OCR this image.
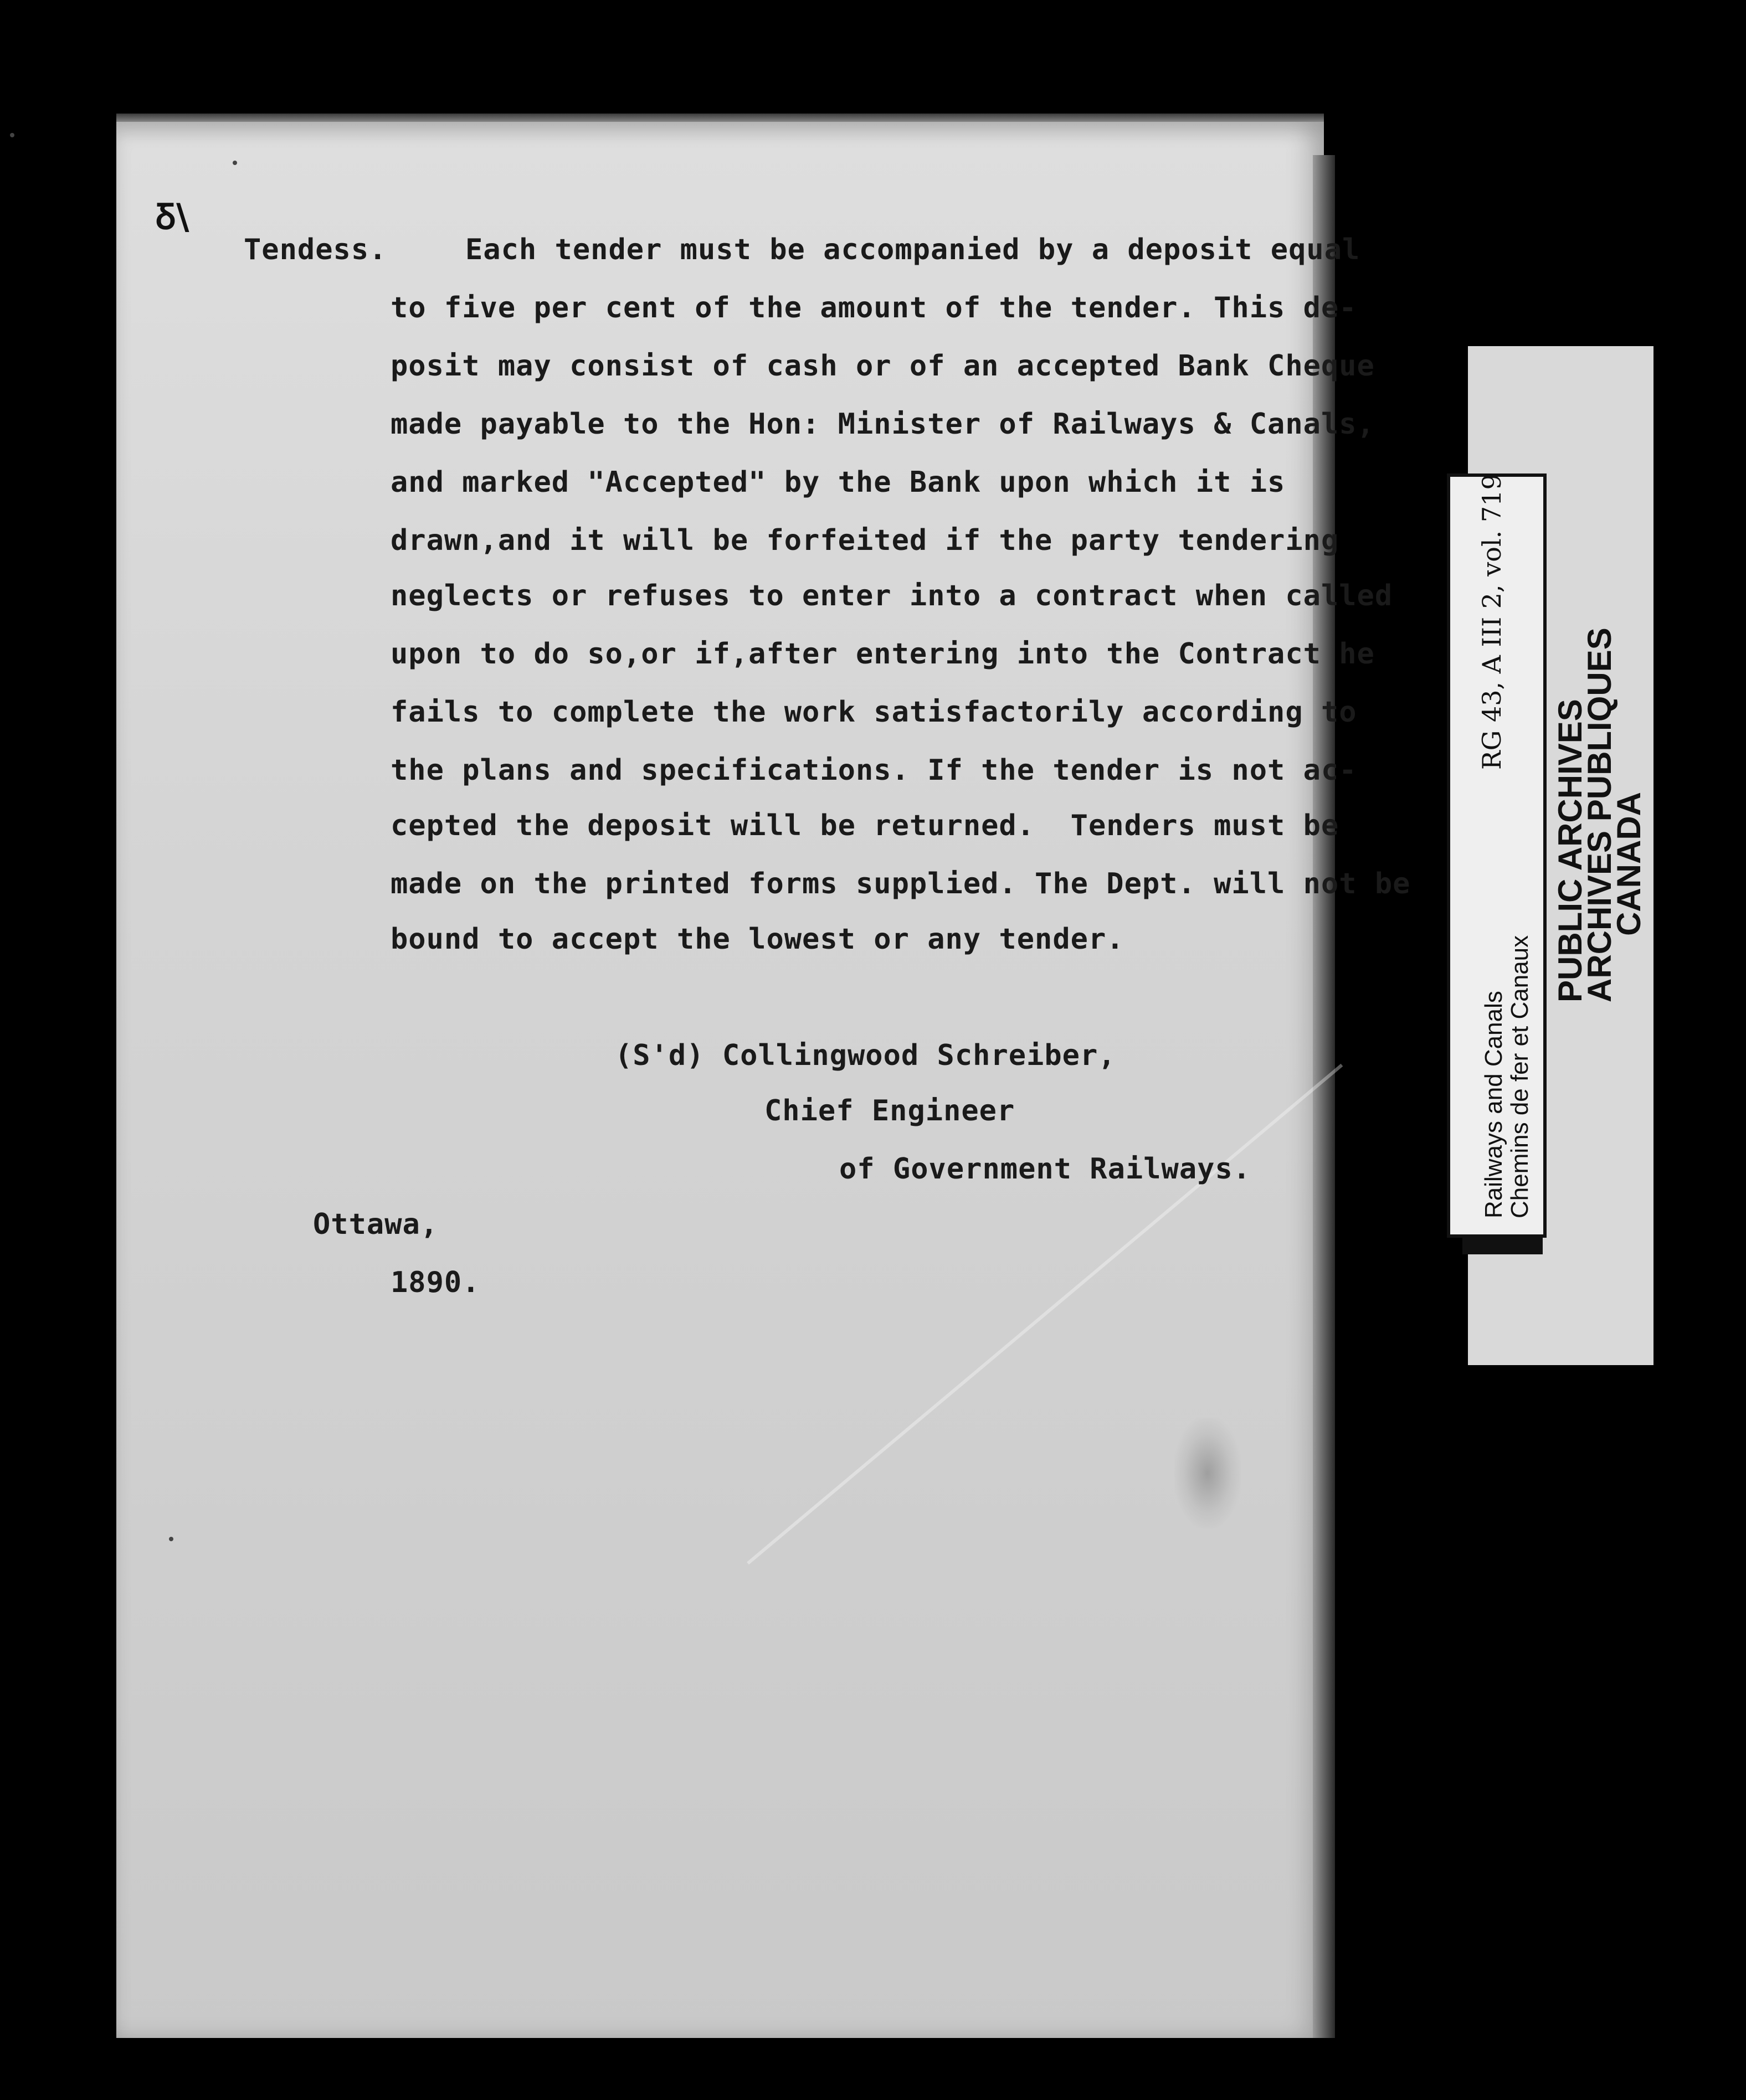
Ᵹ\
Tendess.	Each tender must be accompanied by a deposit equal
to five per cent of the amount of the tender. This de-
posit may consist of cash or of an accepted Bank Cheque
made payable to the Hon: Minister of Railways & Canals,
and marked "Accepted" by the Bank upon which it is
drawn,and it will be forfeited if the party tendering
neglects or refuses to enter into a contract when called
upon to do so,or if,after entering into the Contract he
fails to complete the work satisfactorily according to
the plans and specifications. If the tender is not ac-
cepted the deposit will be returned.  Tenders must be
made on the printed forms supplied. The Dept. will not be
bound to accept the lowest or any tender.
(S'd) Collingwood Schreiber,
Chief Engineer
of Government Railways.
Ottawa,
1890.
RG 43, A III 2, vol. 719
Railways and Canals
Chemins de fer et Canaux
PUBLIC ARCHIVES
ARCHIVES PUBLIQUES
CANADA
